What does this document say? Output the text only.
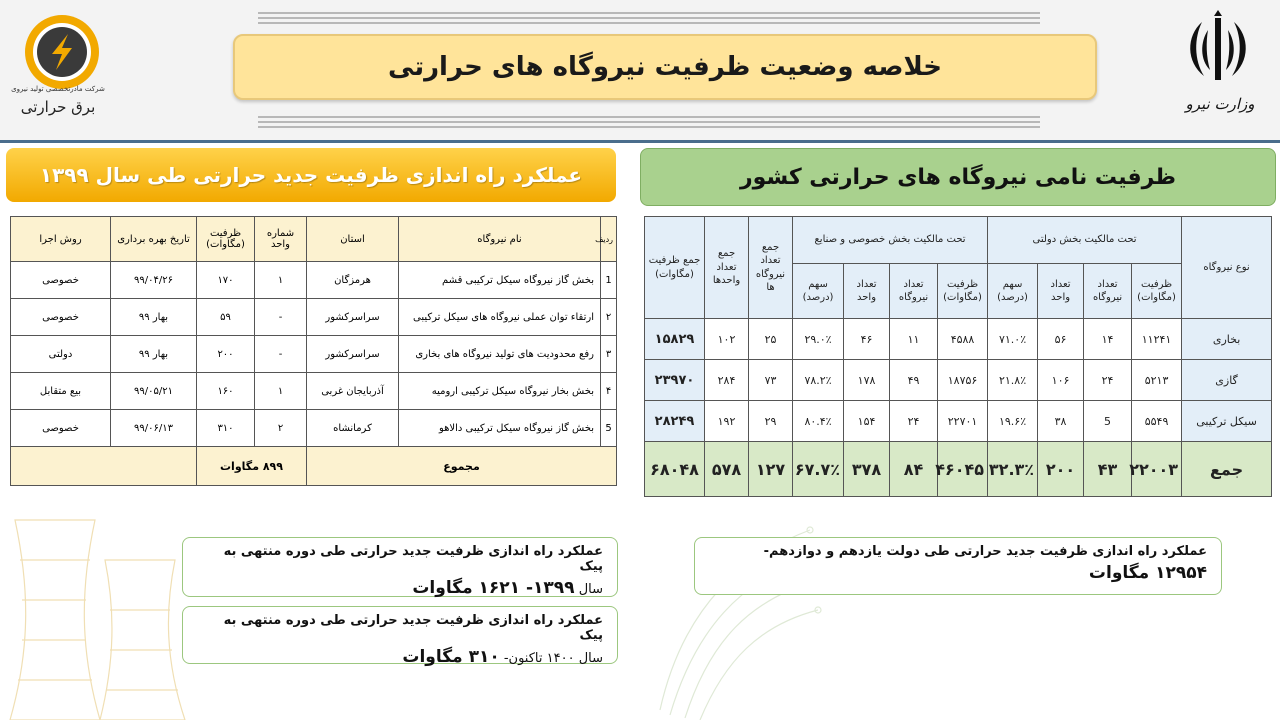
شرکت مادرتخصصی تولید نیروی
برق حرارتی
خلاصه وضعیت ظرفیت نیروگاه های حرارتی
وزارت نیرو
عملکرد راه اندازی ظرفیت جدید حرارتی طی سال ۱۳۹۹	ظرفیت نامی نیروگاه های حرارتی کشور
ردیف	نام نیروگاه	استان	شماره واحد	ظرفیت (مگاوات)	تاریخ بهره برداری	روش اجرا
1	بخش گاز نیروگاه سیکل ترکیبی قشم	هرمزگان	۱	۱۷۰	۹۹/۰۴/۲۶	خصوصی
۲	ارتقاء توان عملی نیروگاه های سیکل ترکیبی	سراسرکشور	-	۵۹	بهار ۹۹	خصوصی
۳	رفع محدودیت های تولید نیروگاه های بخاری	سراسرکشور	-	۲۰۰	بهار ۹۹	دولتی
۴	بخش بخار نیروگاه سیکل ترکیبی ارومیه	آذربایجان غربی	۱	۱۶۰	۹۹/۰۵/۲۱	بیع متقابل
5	بخش گاز نیروگاه سیکل ترکیبی دالاهو	کرمانشاه	۲	۳۱۰	۹۹/۰۶/۱۳	خصوصی
مجموع			۸۹۹ مگاوات			
نوع نیروگاه	تحت مالکیت بخش دولتی				تحت مالکیت بخش خصوصی و صنایع				جمع تعداد نیروگاه ها	جمع تعداد واحدها	جمع ظرفیت (مگاوات)
	ظرفیت (مگاوات)	تعداد نیروگاه	تعداد واحد	سهم (درصد)	ظرفیت (مگاوات)	تعداد نیروگاه	تعداد واحد	سهم (درصد)			
بخاری	۱۱۲۴۱	۱۴	۵۶	۷۱.۰٪	۴۵۸۸	۱۱	۴۶	۲۹.۰٪	۲۵	۱۰۲	۱۵۸۲۹
گازی	۵۲۱۳	۲۴	۱۰۶	۲۱.۸٪	۱۸۷۵۶	۴۹	۱۷۸	۷۸.۲٪	۷۳	۲۸۴	۲۳۹۷۰
سیکل ترکیبی	۵۵۴۹	5	۳۸	۱۹.۶٪	۲۲۷۰۱	۲۴	۱۵۴	۸۰.۴٪	۲۹	۱۹۲	۲۸۲۴۹
جمع	۲۲۰۰۳	۴۳	۲۰۰	۳۲.۳٪	۴۶۰۴۵	۸۴	۳۷۸	۶۷.۷٪	۱۲۷	۵۷۸	۶۸۰۴۸
عملکرد راه اندازی ظرفیت جدید حرارتی طی دوره منتهی به پیک
سال ۱۳۹۹- ۱۶۲۱ مگاوات
عملکرد راه اندازی ظرفیت جدید حرارتی طی دوره منتهی به پیک
سال ۱۴۰۰ تاکنون- ۳۱۰ مگاوات
عملکرد راه اندازی ظرفیت جدید حرارتی طی دولت یازدهم و دوازدهم-
۱۲۹۵۴ مگاوات
